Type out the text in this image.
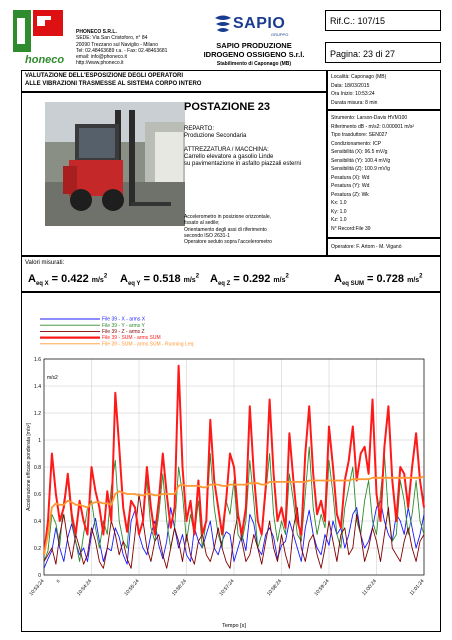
honeco
PHONECO S.R.L.
SEDE: Via San Cristoforo, n° 84
20090 Trezzano sul Naviglio - Milano
Tel: 02.48463689 r.a. - Fax: 02.48463681
email: info@phoneco.it
http://www.phoneco.it
SAPIO
GRUPPO
SAPIO PRODUZIONE
IDROGENO OSSIGENO S.r.l.
Stabilimento di Caponago (MB)
Rif.C.: 107/15
Pagina: 23 di 27
VALUTAZIONE DELL'ESPOSIZIONE DEGLI OPERATORI
ALLE VIBRAZIONI TRASMESSE AL SISTEMA CORPO INTERO
Località: Caponago (MB)
Data: 18/03/2015
Ora Inizio: 10:53:24
Durata misura: 8 min
POSTAZIONE 23
REPARTO:
Produzione Secondaria
ATTREZZATURA / MACCHINA:
Carrello elevatore a gasolio Linde
su pavimentazione in asfalto piazzali esterni
Accelerometro in posizione orizzontale,
fissato al sedile;
Orientamento degli assi di riferimento
secondo ISO 2631-1
Operatore seduto sopra l'accelerometro
Strumento: Larson-Davis HVM100
Riferimento dB - m/s2: 0.000001 m/s²
Tipo trasduttore: SEN027
Condizionamento: ICP
Sensibilità (X): 96.5 mV/g
Sensibilità (Y): 100.4 mV/g
Sensibilità (Z): 100.9 mV/g
Pesatura (X): Wd
Pesatura (Y): Wd
Pesatura (Z): Wk
Kx: 1.0
Ky: 1.0
Kz: 1.0
N° Record:File 39
Operatore: F. Artom - M. Viganò
Valori misurati:
$A_{eq X} = 0.422$ $m/s^2$ $A_{eq Y} = 0.518$ $m/s^2$ $A_{eq Z} = 0.292$ $m/s^2$	$A_{eq SUM} = 0.728$ $m/s^2$
File 39 - X - arms X
File 39 - Y - arms Y
File 39 - Z - arms Z
File 39 - SUM - arms SUM
File 39 - SUM - arms SUM - Running Leq
0
0.2
0.4
0.6
0.8
1
1.2
1.4
1.6
10:53:24 s	10:54:24	10:55:24	10:56:24	10:57:24	10:58:24	10:59:24	11:00:24	11:01:24
m/s2
Accelerazione efficace ponderata [m/s²]
Tempo [s]
